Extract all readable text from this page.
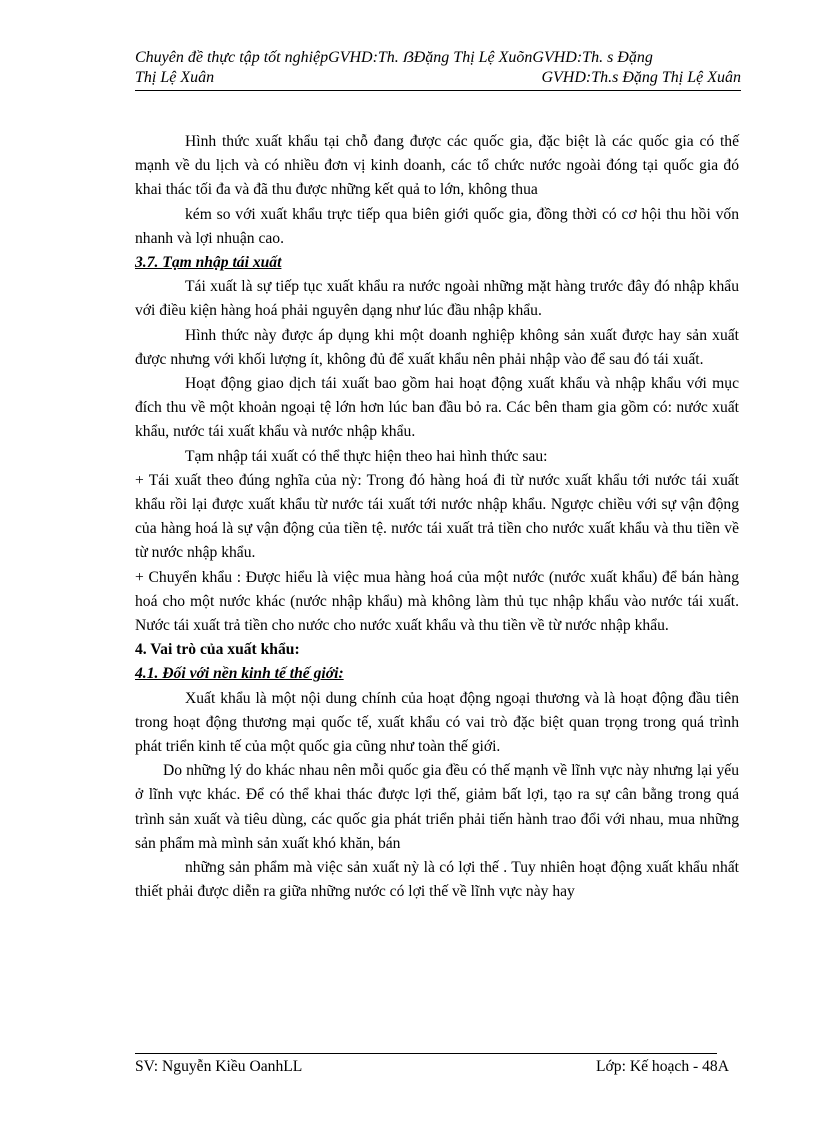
Chuyên đề thực tập tốt nghiệpGVHD:Th. ẞĐặng Thị Lệ XuõnGVHD:Th. s Đặng
Thị Lệ Xuân	GVHD:Th.s Đặng Thị Lệ Xuân

Hình thức xuất khẩu tại chỗ đang được các quốc gia, đặc biệt là các quốc gia có thế mạnh về du lịch và có nhiều đơn vị kinh doanh, các tổ chức nước ngoài đóng tại quốc gia đó khai thác tối đa và đã thu được những kết quả to lớn, không thua

kém so với xuất khẩu trực tiếp qua biên giới quốc gia, đồng thời có cơ hội thu hồi vốn nhanh và lợi nhuận cao.

3.7. Tạm nhập tái xuất

Tái xuất là sự tiếp tục xuất khẩu ra nước ngoài những mặt hàng trước đây đó nhập khẩu với điều kiện hàng hoá phải nguyên dạng như lúc đầu nhập khẩu.

Hình thức này được áp dụng khi một doanh nghiệp không sản xuất được hay sản xuất được nhưng với khối lượng ít, không đủ để xuất khẩu nên phải nhập vào để sau đó tái xuất.

Hoạt động giao dịch tái xuất bao gồm hai hoạt động xuất khẩu và nhập khẩu với mục đích thu về một khoản ngoại tệ lớn hơn lúc ban đầu bỏ ra. Các bên tham gia gồm có: nước xuất khẩu, nước tái xuất khẩu và nước nhập khẩu.

Tạm nhập tái xuất có thể thực hiện theo hai hình thức sau:

+ Tái xuất theo đúng nghĩa của nỳ: Trong đó hàng hoá đi từ nước xuất khẩu tới nước tái xuất khẩu rồi lại được xuất khẩu từ nước tái xuất tới nước nhập khẩu. Ngược chiều với sự vận động của hàng hoá là sự vận động của tiền tệ. nước tái xuất trả tiền cho nước xuất khẩu và thu tiền về từ nước nhập khẩu.

+ Chuyển khẩu : Được hiểu là việc mua hàng hoá của một nước (nước xuất khẩu) để bán hàng hoá cho một nước khác (nước nhập khẩu) mà không làm thủ tục nhập khẩu vào nước tái xuất. Nước tái xuất trả tiền cho nước cho nước xuất khẩu và thu tiền về từ nước nhập khẩu.

4. Vai trò của xuất khẩu:

4.1. Đối với nền kinh tế thế giới:

Xuất khẩu là một nội dung chính của hoạt động ngoại thương và là hoạt động đầu tiên trong hoạt động thương mại quốc tế, xuất khẩu có vai trò đặc biệt quan trọng trong quá trình phát triển kinh tế của một quốc gia cũng như toàn thế giới.

Do những lý do khác nhau nên mỗi quốc gia đều có thế mạnh về lĩnh vực này nhưng lại yếu ở lĩnh vực khác. Để có thể khai thác được lợi thế, giảm bất lợi, tạo ra sự cân bằng trong quá trình sản xuất và tiêu dùng, các quốc gia phát triển phải tiến hành trao đổi với nhau, mua những sản phẩm mà mình sản xuất khó khăn, bán

những sản phẩm mà việc sản xuất nỳ là có lợi thế . Tuy nhiên hoạt động xuất khẩu nhất thiết phải được diễn ra giữa những nước có lợi thế về lĩnh vực này hay

SV: Nguyễn Kiều OanhLL	Lớp: Kế hoạch - 48A
